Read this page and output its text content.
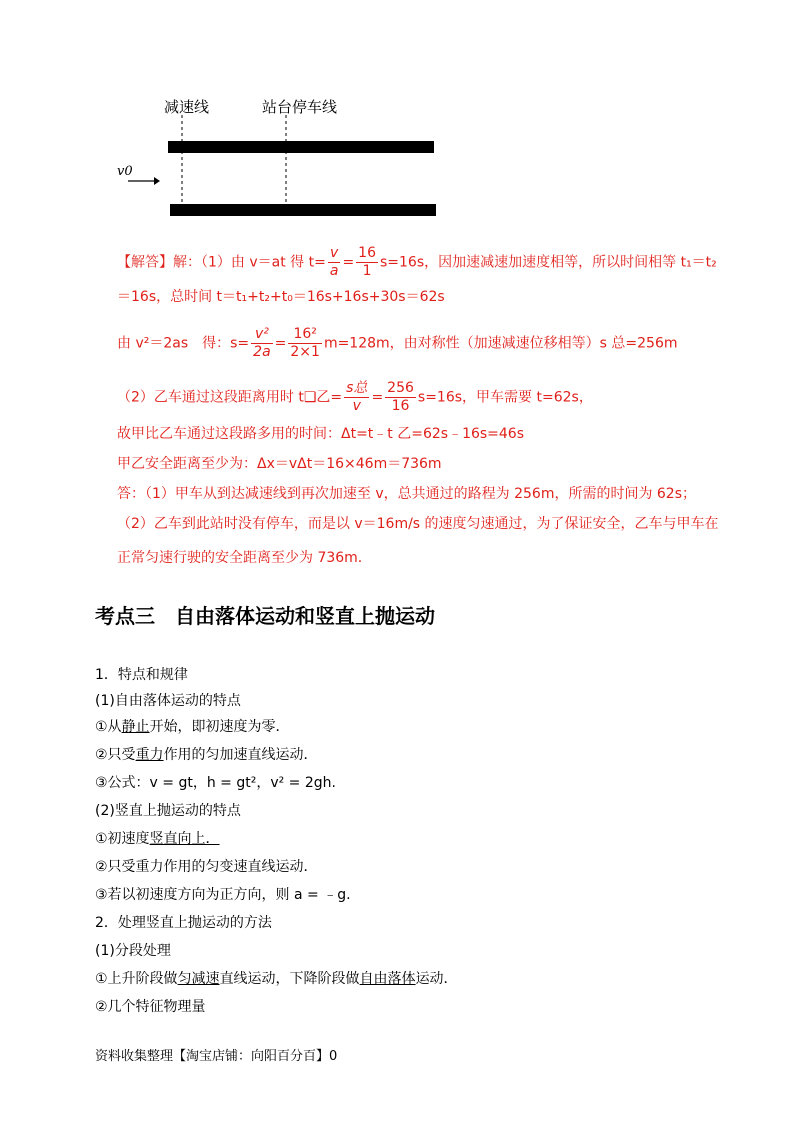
减速线	站台停车线
v0
【解答】解：（1）由 v＝at 得 $t= \frac{v}{a} = \frac{16}{1} s=16s$，因加速减速加速度相等，所以时间相等 t₁＝t₂
＝16s，总时间 t＝t₁+t₂+t₀＝16s+16s+30s＝62s
由 v²＝2as　得：$s= \frac{\text{v²}}{2a} = \frac{\text{16²}}{2\times 1} m=128m$，由对称性（加速减速位移相等）s 总=256m
（2）乙车通过这段距离用时 t❑乙= $\frac{\text{s总}}{v} = \frac{256}{16} s=16s$，甲车需要 t=62s，
故甲比乙车通过这段路多用的时间：Δt=t﹣t 乙=62s﹣16s=46s
甲乙安全距离至少为：Δx＝vΔt＝16×46m＝736m
答：（1）甲车从到达减速线到再次加速至 v，总共通过的路程为 256m，所需的时间为 62s；
（2）乙车到此站时没有停车，而是以 v＝16m/s 的速度匀速通过，为了保证安全，乙车与甲车在
正常匀速行驶的安全距离至少为 736m.
考点三　自由落体运动和竖直上抛运动
1．特点和规律
(1)自由落体运动的特点
①从静止开始，即初速度为零．
②只受重力作用的匀加速直线运动．
③公式：v = gt，h = gt²，v² = 2gh.
(2)竖直上抛运动的特点
①初速度竖直向上．
②只受重力作用的匀变速直线运动．
③若以初速度方向为正方向，则 a = ﹣g.
2．处理竖直上抛运动的方法
(1)分段处理
①上升阶段做匀减速直线运动，下降阶段做自由落体运动．
②几个特征物理量
资料收集整理【淘宝店铺：向阳百分百】0
